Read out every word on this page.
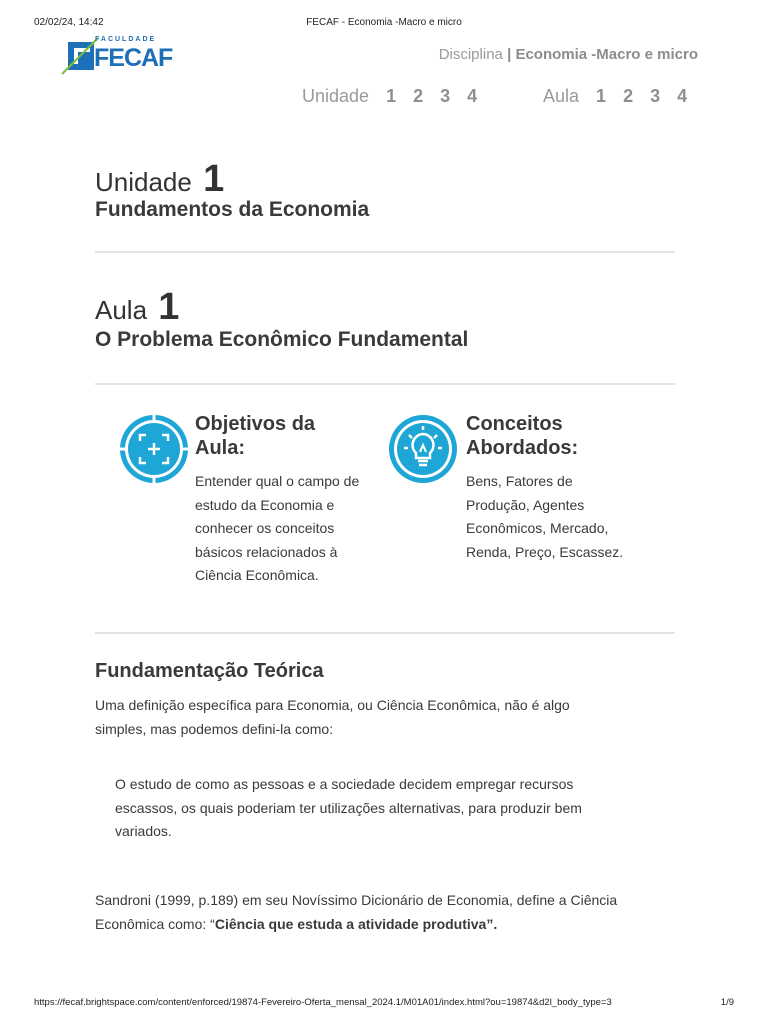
02/02/24, 14:42	FECAF - Economia -Macro e micro
FACULDADE
FECAF	Disciplina | Economia -Macro e micro
Unidade 1 2 3 4	Aula 1 2 3 4
Unidade 1
Fundamentos da Economia
Aula 1
O Problema Econômico Fundamental
Objetivos da
Aula:
Entender qual o campo de
estudo da Economia e
conhecer os conceitos
básicos relacionados à
Ciência Econômica.
Conceitos
Abordados:
Bens, Fatores de
Produção, Agentes
Econômicos, Mercado,
Renda, Preço, Escassez.
Fundamentação Teórica
Uma definição específica para Economia, ou Ciência Econômica, não é algo
simples, mas podemos defini-la como:
O estudo de como as pessoas e a sociedade decidem empregar recursos
escassos, os quais poderiam ter utilizações alternativas, para produzir bem
variados.
Sandroni (1999, p.189) em seu Novíssimo Dicionário de Economia, define a Ciência
Econômica como: “Ciência que estuda a atividade produtiva”.
https://fecaf.brightspace.com/content/enforced/19874-Fevereiro-Oferta_mensal_2024.1/M01A01/index.html?ou=19874&d2l_body_type=3	1/9
